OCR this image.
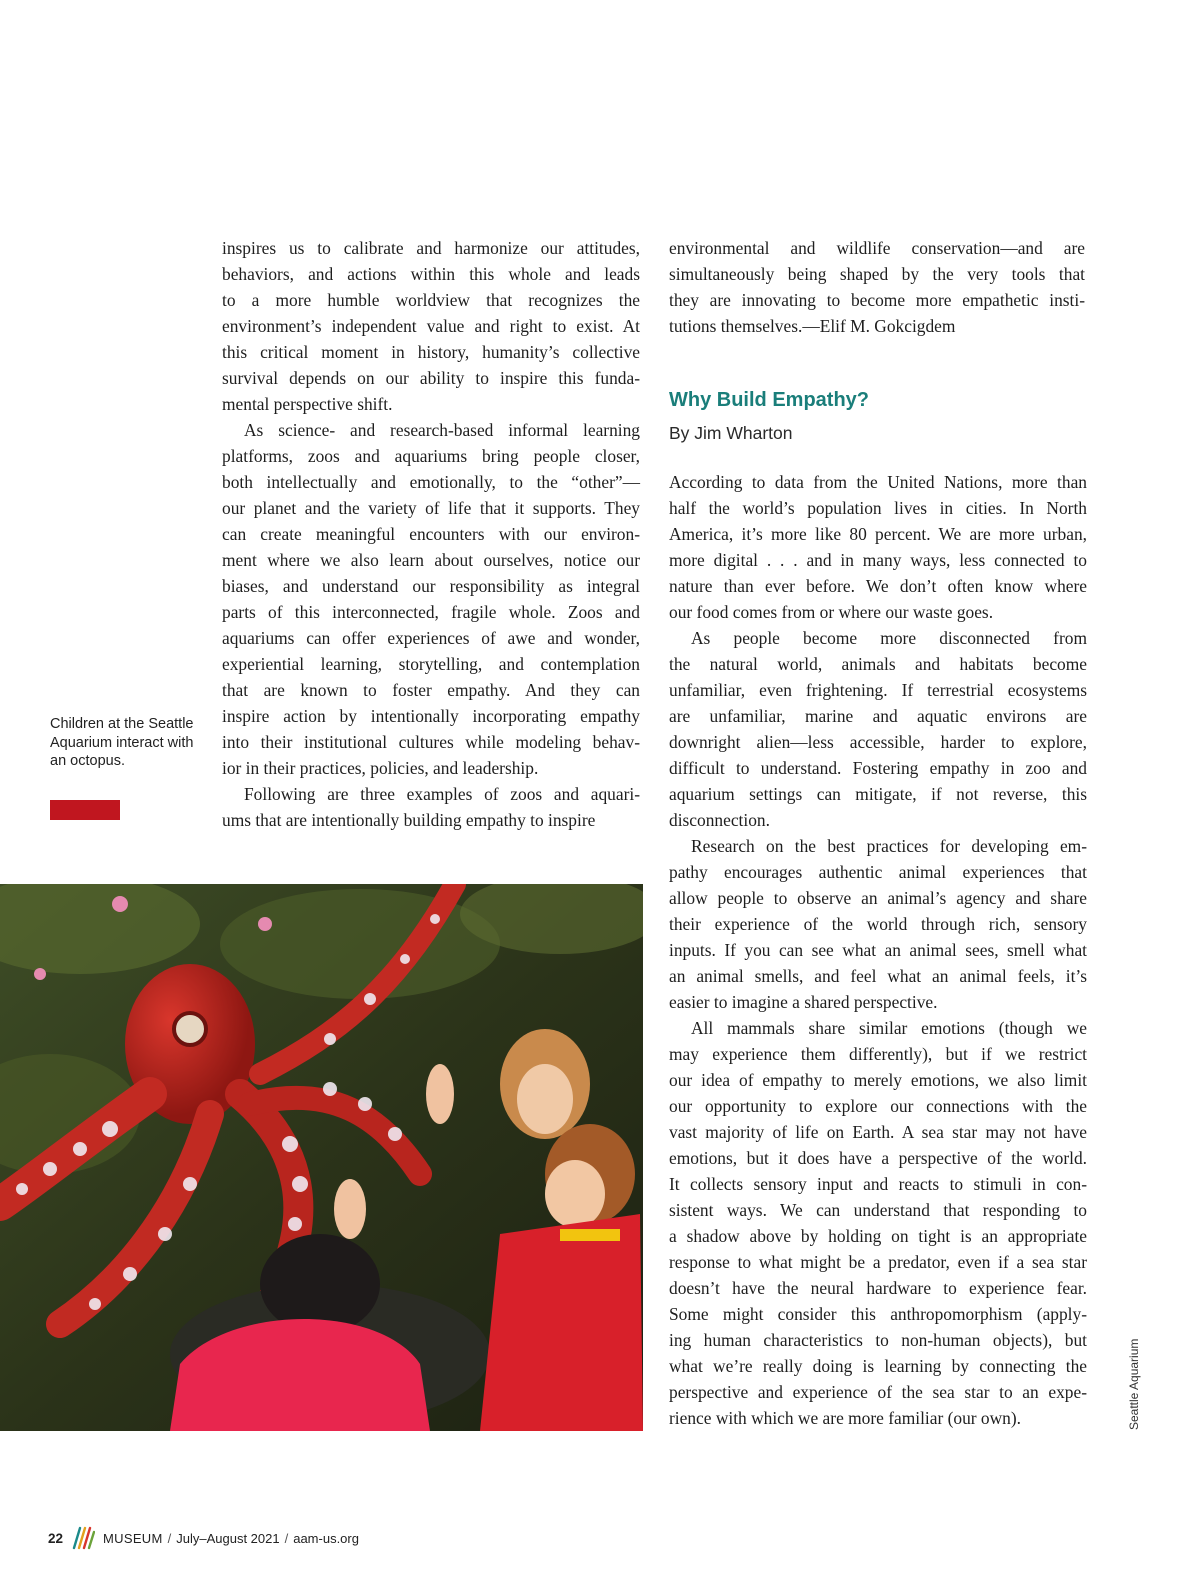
inspires us to calibrate and harmonize our attitudes,
behaviors, and actions within this whole and leads
to a more humble worldview that recognizes the
environment’s independent value and right to exist. At
this critical moment in history, humanity’s collective
survival depends on our ability to inspire this funda-
mental perspective shift.

As science- and research-based informal learning
platforms, zoos and aquariums bring people closer,
both intellectually and emotionally, to the “other”—
our planet and the variety of life that it supports. They
can create meaningful encounters with our environ-
ment where we also learn about ourselves, notice our
biases, and understand our responsibility as integral
parts of this interconnected, fragile whole. Zoos and
aquariums can offer experiences of awe and wonder,
experiential learning, storytelling, and contemplation
that are known to foster empathy. And they can
inspire action by intentionally incorporating empathy
into their institutional cultures while modeling behav-
ior in their practices, policies, and leadership.

Following are three examples of zoos and aquari-
ums that are intentionally building empathy to inspire

environmental and wildlife conservation—and are
simultaneously being shaped by the very tools that
they are innovating to become more empathetic insti-
tutions themselves.—Elif M. Gokcigdem

Why Build Empathy?
By Jim Wharton

According to data from the United Nations, more than
half the world’s population lives in cities. In North
America, it’s more like 80 percent. We are more urban,
more digital . . . and in many ways, less connected to
nature than ever before. We don’t often know where
our food comes from or where our waste goes.

As people become more disconnected from
the natural world, animals and habitats become
unfamiliar, even frightening. If terrestrial ecosystems
are unfamiliar, marine and aquatic environs are
downright alien—less accessible, harder to explore,
difficult to understand. Fostering empathy in zoo and
aquarium settings can mitigate, if not reverse, this
disconnection.

Research on the best practices for developing em-
pathy encourages authentic animal experiences that
allow people to observe an animal’s agency and share
their experience of the world through rich, sensory
inputs. If you can see what an animal sees, smell what
an animal smells, and feel what an animal feels, it’s
easier to imagine a shared perspective.

All mammals share similar emotions (though we
may experience them differently), but if we restrict
our idea of empathy to merely emotions, we also limit
our opportunity to explore our connections with the
vast majority of life on Earth. A sea star may not have
emotions, but it does have a perspective of the world.
It collects sensory input and reacts to stimuli in con-
sistent ways. We can understand that responding to
a shadow above by holding on tight is an appropriate
response to what might be a predator, even if a sea star
doesn’t have the neural hardware to experience fear.
Some might consider this anthropomorphism (apply-
ing human characteristics to non-human objects), but
what we’re really doing is learning by connecting the
perspective and experience of the sea star to an expe-
rience with which we are more familiar (our own).

Children at the Seattle Aquarium interact with an octopus.
Seattle Aquarium
22	MUSEUM / July–August 2021 / aam-us.org
